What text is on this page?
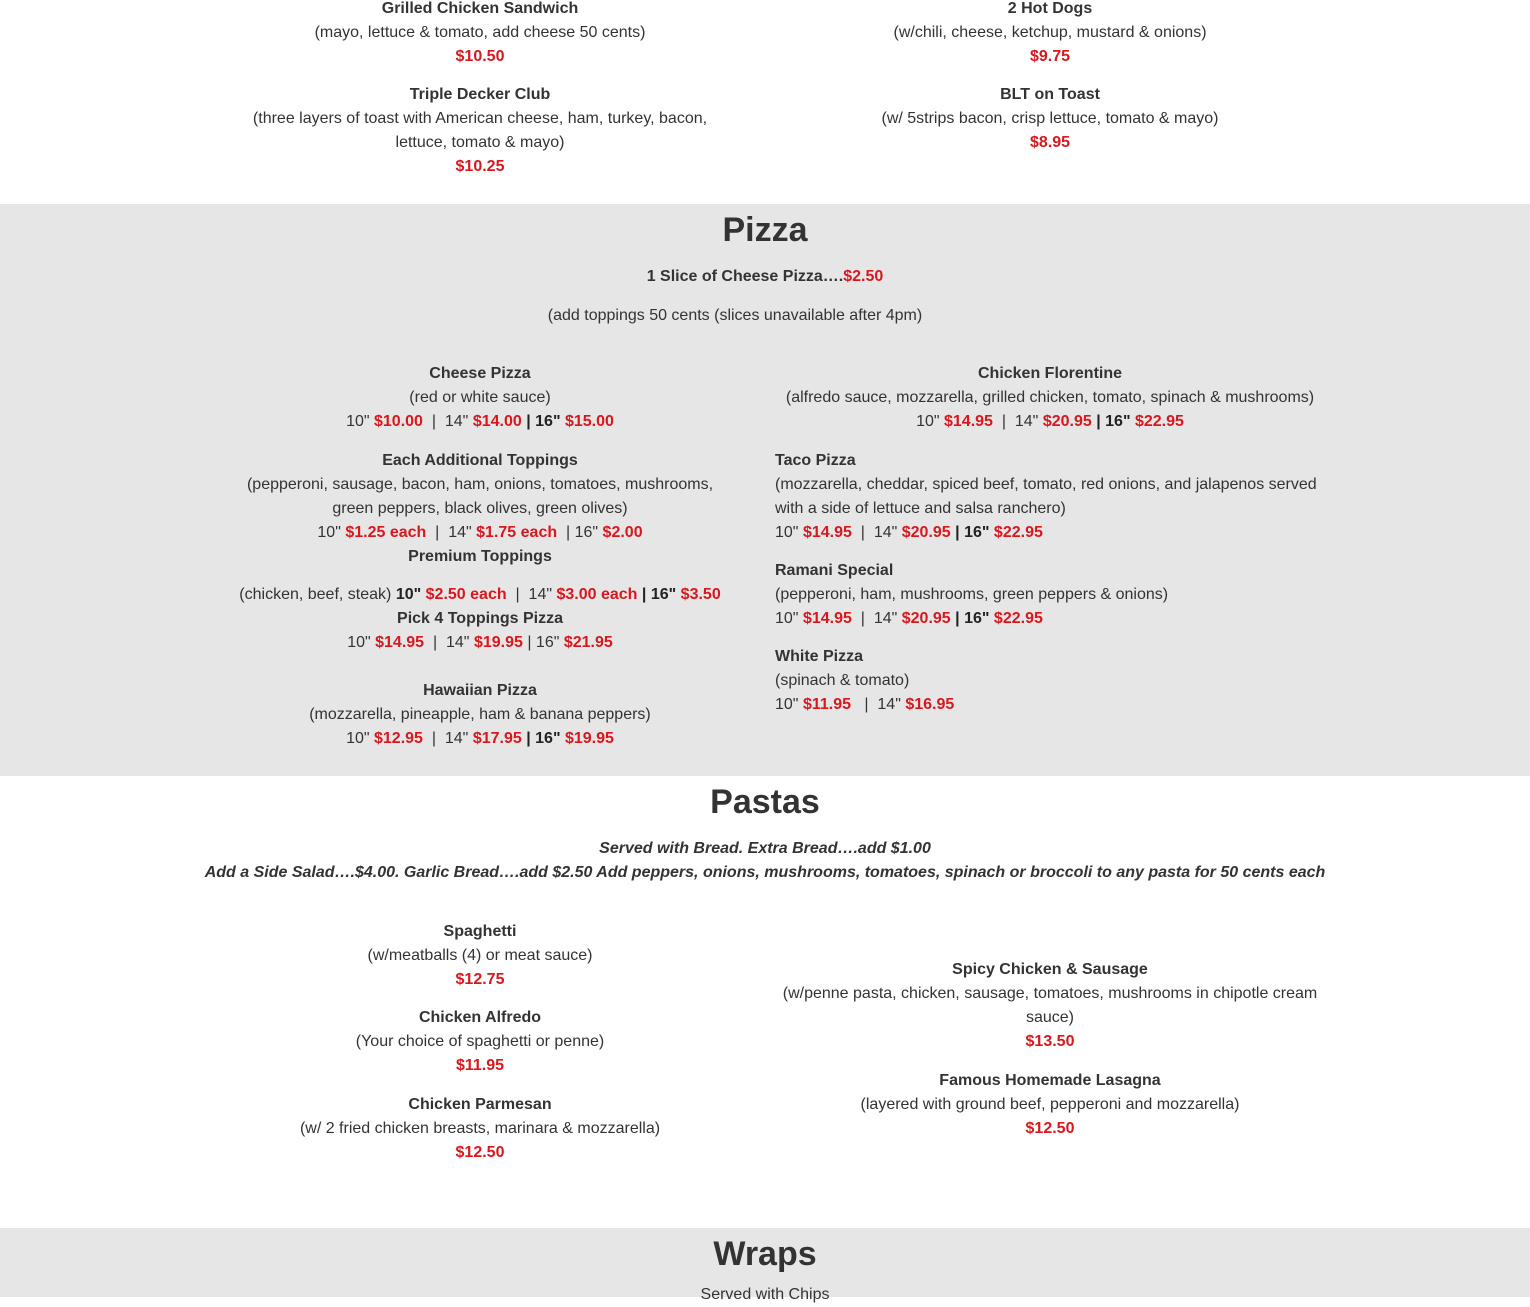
Grilled Chicken Sandwich
(mayo, lettuce & tomato, add cheese 50 cents)
$10.50
Triple Decker Club
(three layers of toast with American cheese, ham, turkey, bacon, lettuce, tomato & mayo)
$10.25
2 Hot Dogs
(w/chili, cheese, ketchup, mustard & onions)
$9.75
BLT on Toast
(w/ 5strips bacon, crisp lettuce, tomato & mayo)
$8.95
Pizza
1 Slice of Cheese Pizza….$2.50
(add toppings 50 cents (slices unavailable after 4pm)
Cheese Pizza
(red or white sauce)
10" $10.00  |  14" $14.00 | 16" $15.00
Each Additional Toppings
(pepperoni, sausage, bacon, ham, onions, tomatoes, mushrooms, green peppers, black olives, green olives)
10" $1.25 each  |  14" $1.75 each  | 16" $2.00
Premium Toppings
(chicken, beef, steak) 10" $2.50 each  |  14" $3.00 each | 16" $3.50
Pick 4 Toppings Pizza
10" $14.95  |  14" $19.95 | 16" $21.95
Hawaiian Pizza
(mozzarella, pineapple, ham & banana peppers)
10" $12.95  |  14" $17.95 | 16" $19.95
Chicken Florentine
(alfredo sauce, mozzarella, grilled chicken, tomato, spinach & mushrooms)
10" $14.95  |  14" $20.95 | 16" $22.95
Taco Pizza
(mozzarella, cheddar, spiced beef, tomato, red onions, and jalapenos served with a side of lettuce and salsa ranchero)
10" $14.95  |  14" $20.95 | 16" $22.95
Ramani Special
(pepperoni, ham, mushrooms, green peppers & onions)
10" $14.95  |  14" $20.95 | 16" $22.95
White Pizza
(spinach & tomato)
10" $11.95   |  14" $16.95
Pastas
Served with Bread. Extra Bread….add $1.00
Add a Side Salad….$4.00. Garlic Bread….add $2.50 Add peppers, onions, mushrooms, tomatoes, spinach or broccoli to any pasta for 50 cents each
Spaghetti
(w/meatballs (4) or meat sauce)
$12.75
Chicken Alfredo
(Your choice of spaghetti or penne)
$11.95
Chicken Parmesan
(w/ 2 fried chicken breasts, marinara & mozzarella)
$12.50
Spicy Chicken & Sausage
(w/penne pasta, chicken, sausage, tomatoes, mushrooms in chipotle cream sauce)
$13.50
Famous Homemade Lasagna
(layered with ground beef, pepperoni and mozzarella)
$12.50
Wraps
Served with Chips
